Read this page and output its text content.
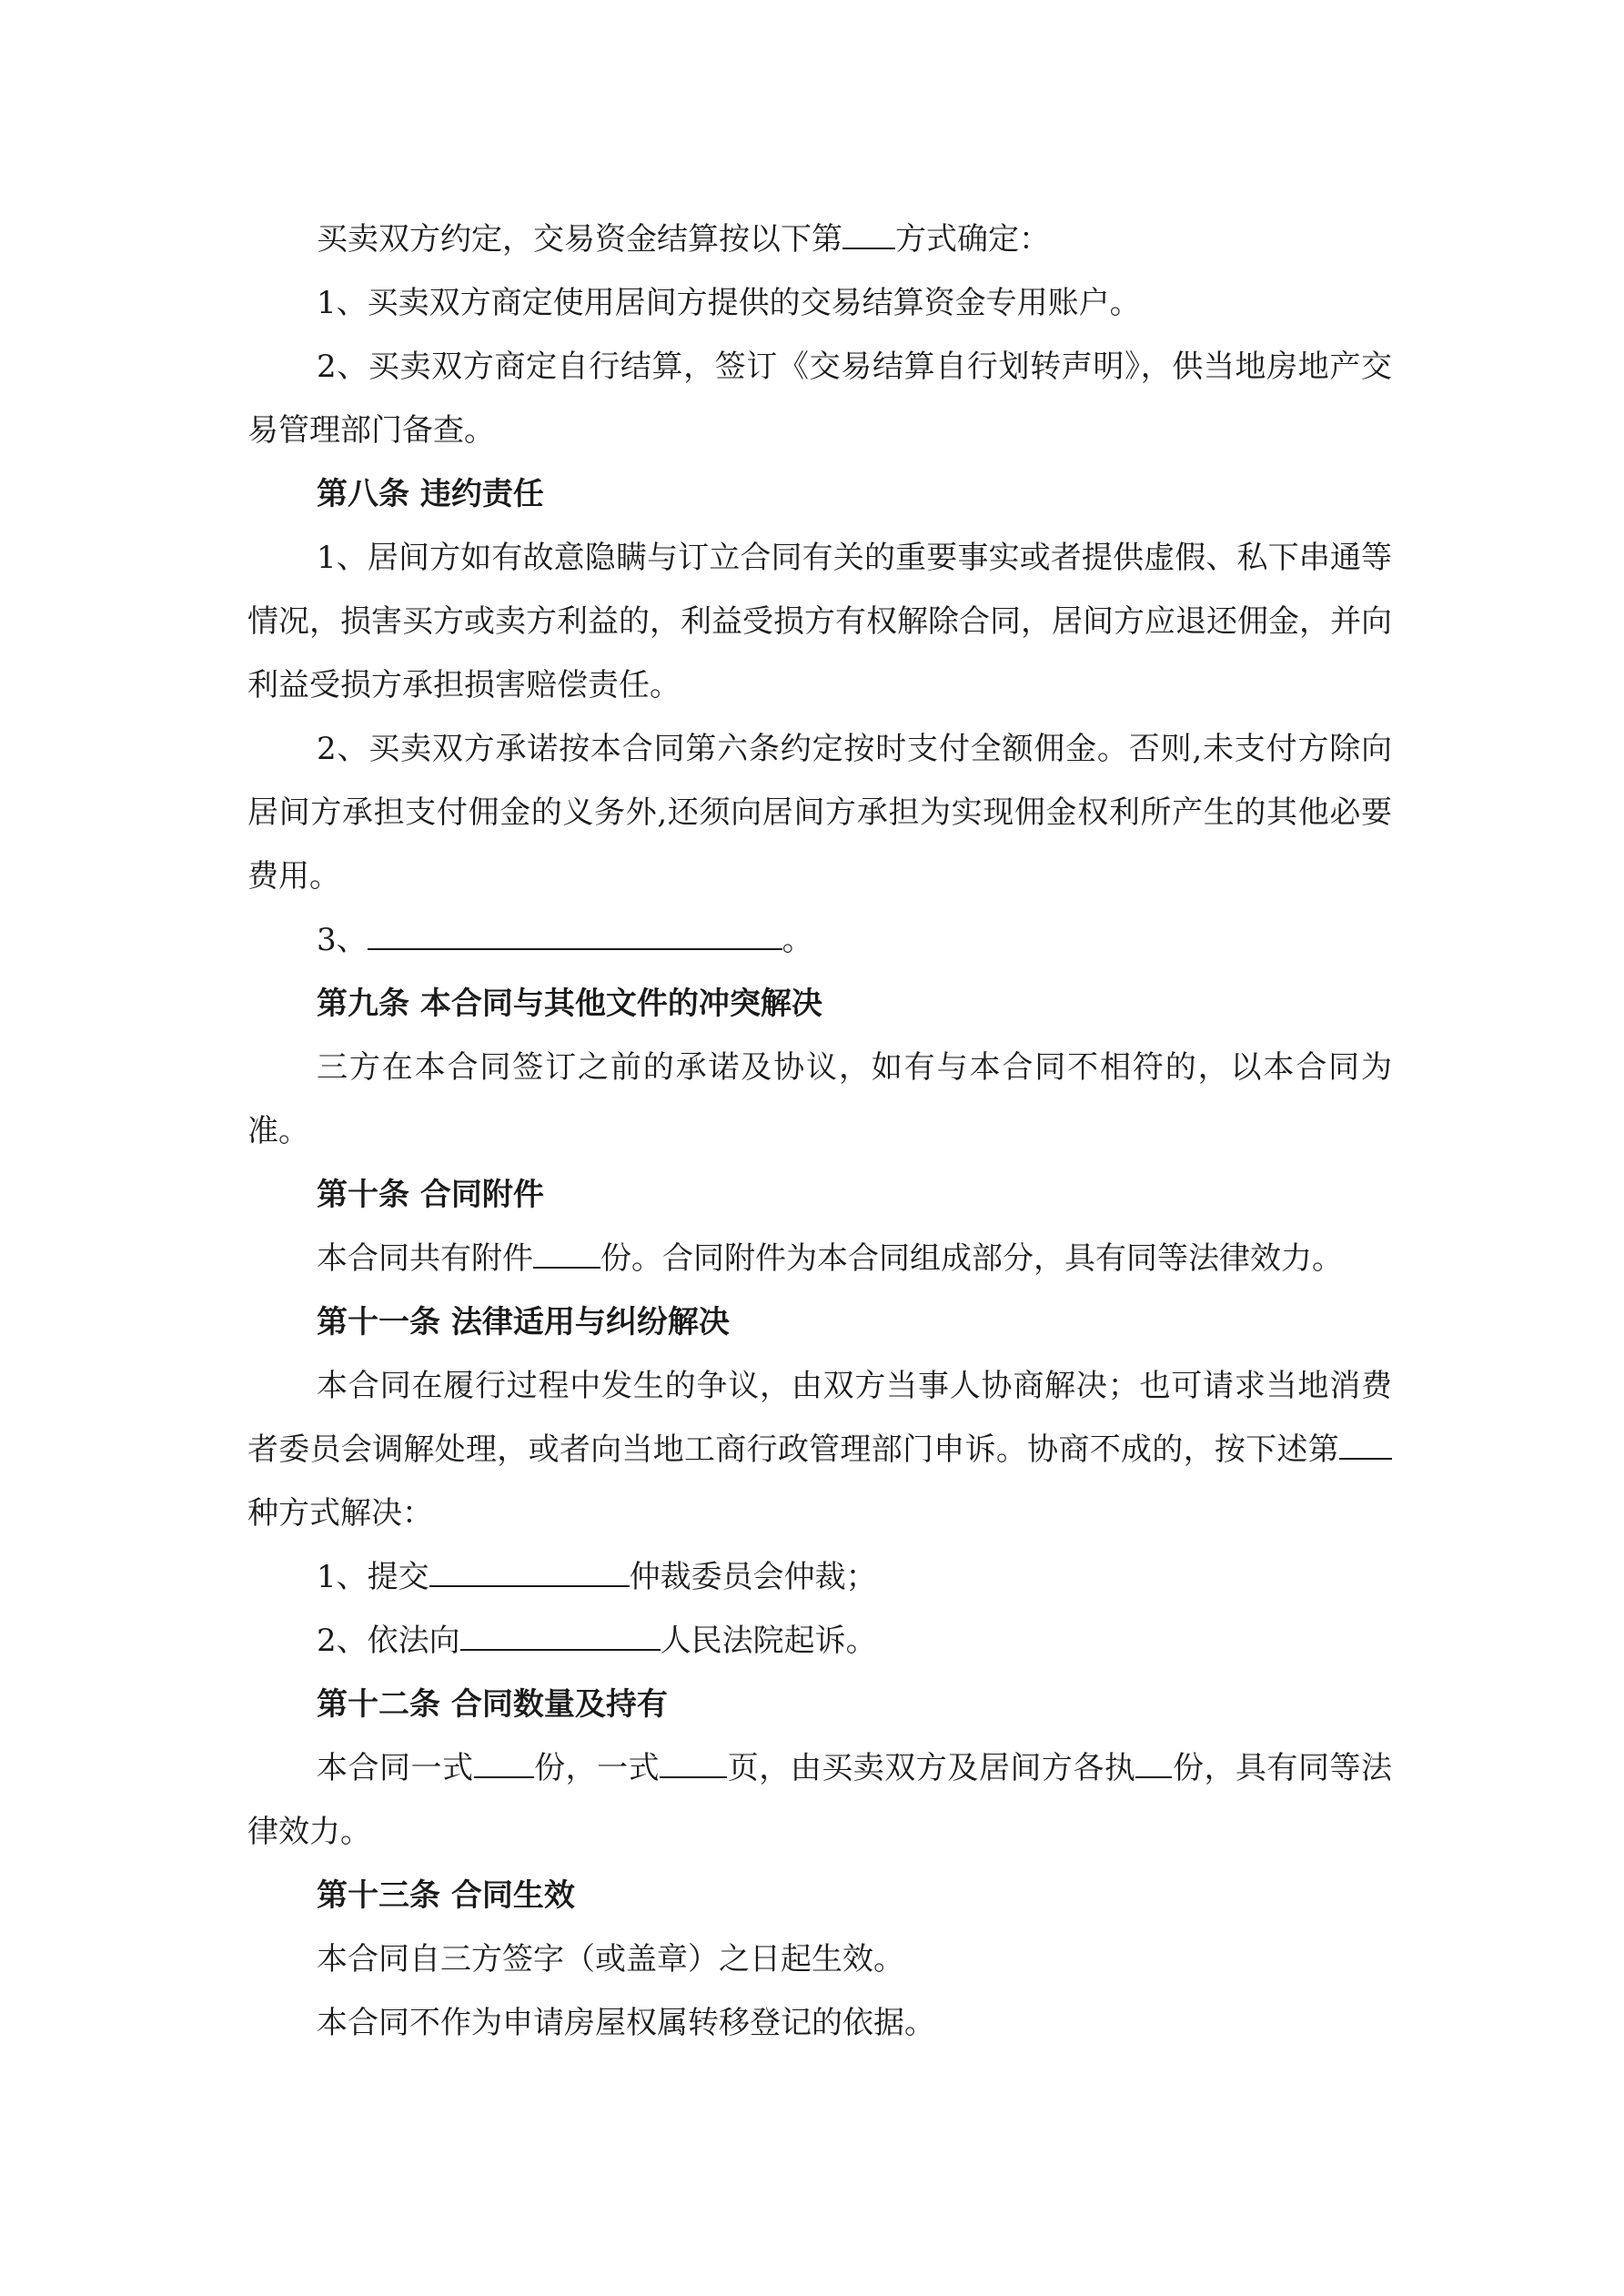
买卖双方约定，交易资金结算按以下第 方式确定：

1、买卖双方商定使用居间方提供的交易结算资金专用账户。

2、买卖双方商定自行结算，签订《交易结算自行划转声明》，供当地房地产交易管理部门备查。

第八条 违约责任

1、居间方如有故意隐瞒与订立合同有关的重要事实或者提供虚假、私下串通等情况，损害买方或卖方利益的，利益受损方有权解除合同，居间方应退还佣金，并向利益受损方承担损害赔偿责任。

2、买卖双方承诺按本合同第六条约定按时支付全额佣金。否则,未支付方除向居间方承担支付佣金的义务外,还须向居间方承担为实现佣金权利所产生的其他必要费用。

3、	。

第九条 本合同与其他文件的冲突解决

三方在本合同签订之前的承诺及协议，如有与本合同不相符的，以本合同为准。

第十条 合同附件

本合同共有附件 份。合同附件为本合同组成部分，具有同等法律效力。

第十一条 法律适用与纠纷解决

本合同在履行过程中发生的争议，由双方当事人协商解决；也可请求当地消费者委员会调解处理，或者向当地工商行政管理部门申诉。协商不成的，按下述第种方式解决：

1、提交	仲裁委员会仲裁；

2、依法向	人民法院起诉。

第十二条 合同数量及持有

本合同一式 份，一式 页，由买卖双方及居间方各执 份，具有同等法律效力。

第十三条 合同生效

本合同自三方签字（或盖章）之日起生效。

本合同不作为申请房屋权属转移登记的依据。
